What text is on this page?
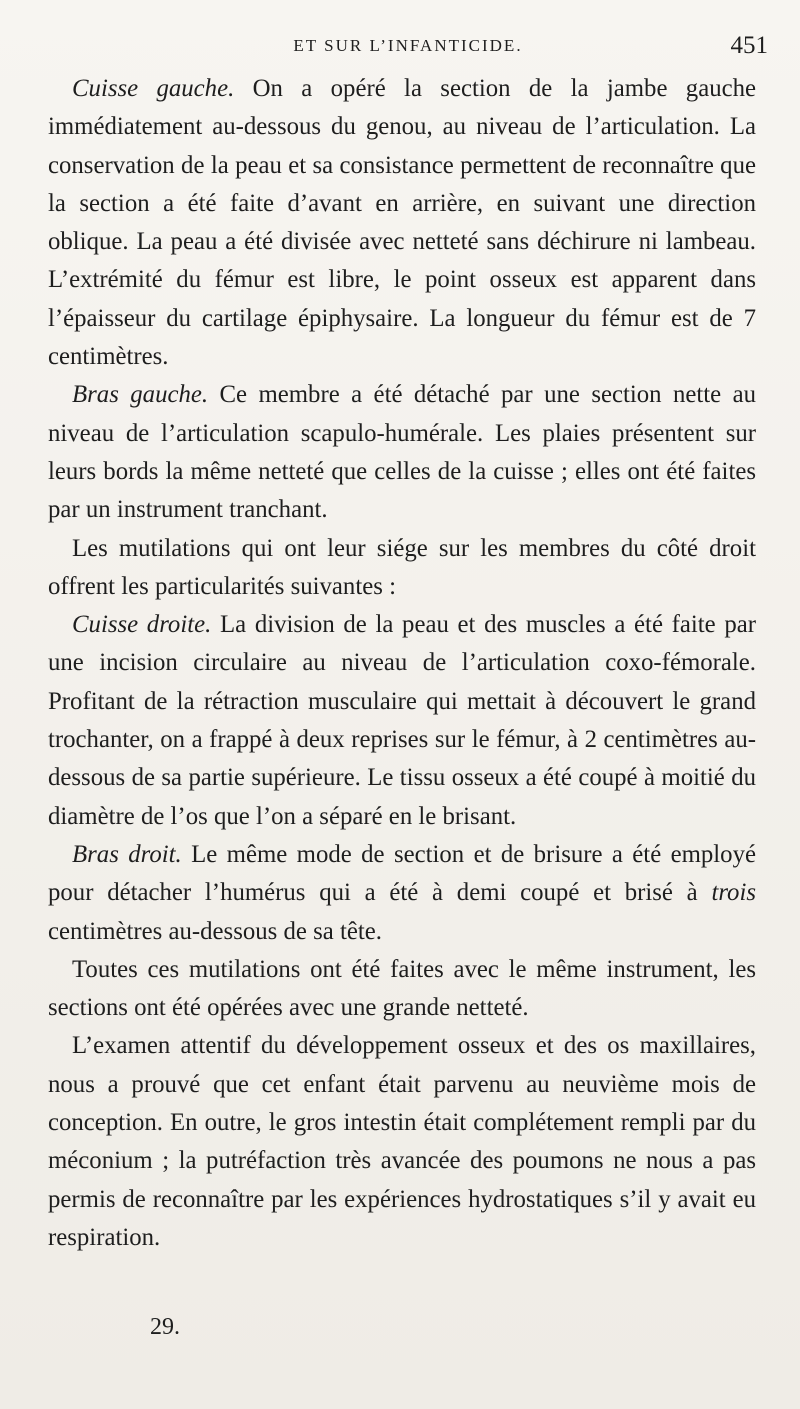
ET SUR L’INFANTICIDE.	451

Cuisse gauche. On a opéré la section de la jambe gauche immédiatement au-dessous du genou, au niveau de l’articulation. La conservation de la peau et sa consistance permettent de reconnaître que la section a été faite d’avant en arrière, en suivant une direction oblique. La peau a été divisée avec netteté sans déchirure ni lambeau. L’extrémité du fémur est libre, le point osseux est apparent dans l’épaisseur du cartilage épiphysaire. La longueur du fémur est de 7 centimètres.

Bras gauche. Ce membre a été détaché par une section nette au niveau de l’articulation scapulo-humérale. Les plaies présentent sur leurs bords la même netteté que celles de la cuisse ; elles ont été faites par un instrument tranchant.

Les mutilations qui ont leur siége sur les membres du côté droit offrent les particularités suivantes :

Cuisse droite. La division de la peau et des muscles a été faite par une incision circulaire au niveau de l’articulation coxo-fémorale. Profitant de la rétraction musculaire qui mettait à découvert le grand trochanter, on a frappé à deux reprises sur le fémur, à 2 centimètres au-dessous de sa partie supérieure. Le tissu osseux a été coupé à moitié du diamètre de l’os que l’on a séparé en le brisant.

Bras droit. Le même mode de section et de brisure a été employé pour détacher l’humérus qui a été à demi coupé et brisé à trois centimètres au-dessous de sa tête.

Toutes ces mutilations ont été faites avec le même instrument, les sections ont été opérées avec une grande netteté.

L’examen attentif du développement osseux et des os maxillaires, nous a prouvé que cet enfant était parvenu au neuvième mois de conception. En outre, le gros intestin était complétement rempli par du méconium ; la putréfaction très avancée des poumons ne nous a pas permis de reconnaître par les expériences hydrostatiques s’il y avait eu respiration.

29.
